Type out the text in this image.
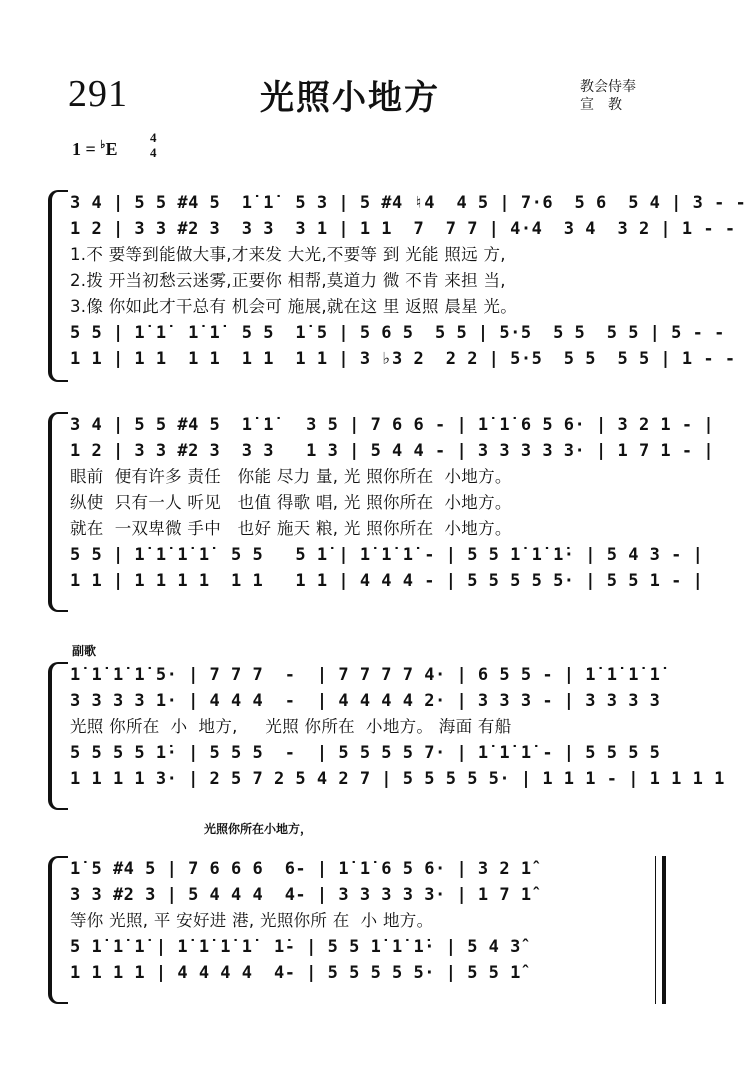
291	光照小地方	教会侍奉
宣教
1 = ♭E
4
4
3 4 | 5 5 #4 5  1̇ 1̇  5 3 | 5 #4 ♮4  4 5 | 7·6  5 6  5 4 | 3 - -
1 2 | 3 3 #2 3  3 3  3 1 | 1 1  7  7 7 | 4·4  3 4  3 2 | 1 - -
1.不 要等到能做大事,才来发 大光,不要等 到 光能 照远 方,
2.拨 开当初愁云迷雾,正要你 相帮,莫道力 微 不肯 来担 当,
3.像 你如此才干总有 机会可 施展,就在这 里 返照 晨星 光。
5 5 | 1̇ 1̇  1̇ 1̇  5 5  1̇ 5 | 5 6 5  5 5 | 5·5  5 5  5 5 | 5 - -
1 1 | 1 1  1 1  1 1  1 1 | 3 ♭3 2  2 2 | 5·5  5 5  5 5 | 1 - -
3 4 | 5 5 #4 5  1̇ 1̇   3 5 | 7 6 6 - | 1̇ 1̇ 6 5 6· | 3 2 1 - |
1 2 | 3 3 #2 3  3 3   1 3 | 5 4 4 - | 3 3 3 3 3· | 1 7 1 - |
眼前  便有许多 责任   你能 尽力 量, 光 照你所在  小地方。
纵使  只有一人 听见   也值 得歌 唱, 光 照你所在  小地方。
就在  一双卑微 手中   也好 施天 粮, 光 照你所在  小地方。
5 5 | 1̇ 1̇ 1̇ 1̇  5 5   5 1̇ | 1̇ 1̇ 1̇ - | 5 5 1̇ 1̇ 1̇· | 5 4 3 - |
1 1 | 1 1 1 1  1 1   1 1 | 4 4 4 - | 5 5 5 5 5· | 5 5 1 - |
副歌
1̇ 1̇ 1̇ 1̇ 5· | 7 7 7  -  | 7 7 7 7 4· | 6 5 5 - | 1̇ 1̇ 1̇ 1̇
3 3 3 3 1· | 4 4 4  -  | 4 4 4 4 2· | 3 3 3 - | 3 3 3 3
光照 你所在  小  地方,     光照 你所在  小地方。 海面 有船
5 5 5 5 1̇· | 5 5 5  -  | 5 5 5 5 7· | 1̇ 1̇ 1̇ - | 5 5 5 5
1 1 1 1 3· | 2 5 7 2 5 4 2 7 | 5 5 5 5 5· | 1 1 1 - | 1 1 1 1
光照你所在小地方，
1̇ 5 #4 5 | 7 6 6 6  6- | 1̇ 1̇ 6 5 6· | 3 2 1̂
3 3 #2 3 | 5 4 4 4  4- | 3 3 3 3 3· | 1 7 1̂
等你 光照, 平 安好进 港, 光照你所 在  小 地方。
5 1̇ 1̇ 1̇ | 1̇ 1̇ 1̇ 1̇  1̇- | 5 5 1̇ 1̇ 1̇· | 5 4 3̂
1 1 1 1 | 4 4 4 4  4- | 5 5 5 5 5· | 5 5 1̂
